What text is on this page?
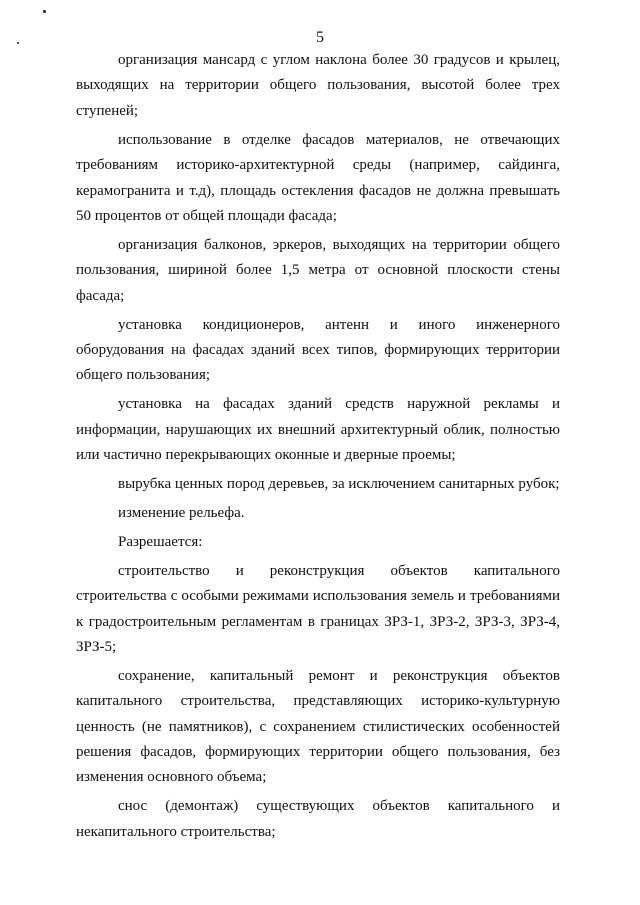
5
организация мансард с углом наклона более 30 градусов и крылец,
выходящих на территории общего пользования, высотой более трех
ступеней;
использование в отделке фасадов материалов, не отвечающих
требованиям историко-архитектурной среды (например, сайдинга,
керамогранита и т.д), площадь остекления фасадов не должна превышать
50 процентов от общей площади фасада;
организация балконов, эркеров, выходящих на территории общего
пользования, шириной более 1,5 метра от основной плоскости стены
фасада;
установка кондиционеров, антенн и иного инженерного
оборудования на фасадах зданий всех типов, формирующих территории
общего пользования;
установка на фасадах зданий средств наружной рекламы и
информации, нарушающих их внешний архитектурный облик, полностью
или частично перекрывающих оконные и дверные проемы;
вырубка ценных пород деревьев, за исключением санитарных рубок;
изменение рельефа.
Разрешается:
строительство и реконструкция объектов капитального
строительства с особыми режимами использования земель и требованиями
к градостроительным регламентам в границах ЗРЗ-1, ЗРЗ-2, ЗРЗ-3, ЗРЗ-4,
ЗРЗ-5;
сохранение, капитальный ремонт и реконструкция объектов
капитального строительства, представляющих историко-культурную
ценность (не памятников), с сохранением стилистических особенностей
решения фасадов, формирующих территории общего пользования, без
изменения основного объема;
снос (демонтаж) существующих объектов капитального и
некапитального строительства;
